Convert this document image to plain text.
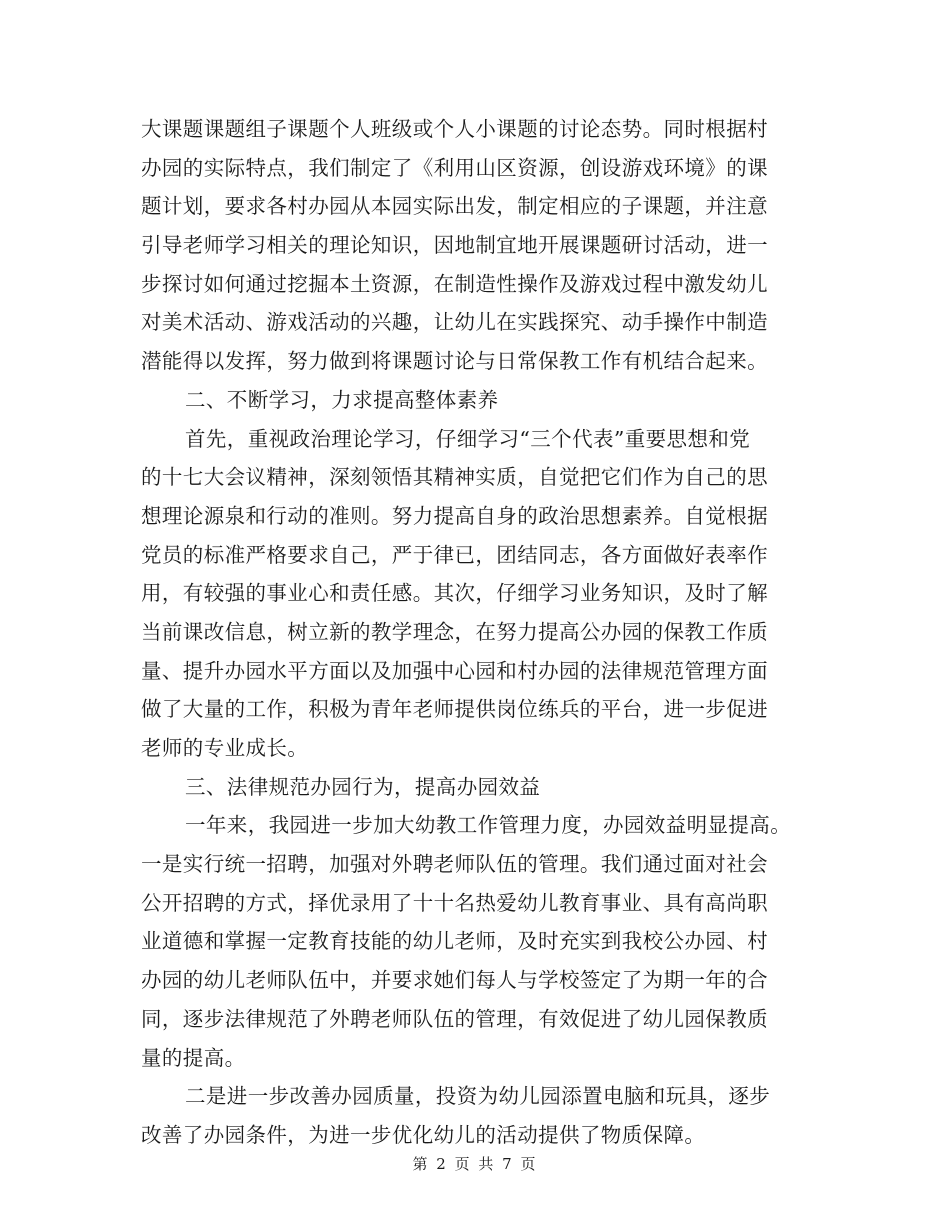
大课题课题组子课题个人班级或个人小课题的讨论态势。同时根据村
办园的实际特点，我们制定了《利用山区资源，创设游戏环境》的课
题计划，要求各村办园从本园实际出发，制定相应的子课题，并注意
引导老师学习相关的理论知识，因地制宜地开展课题研讨活动，进一
步探讨如何通过挖掘本土资源，在制造性操作及游戏过程中激发幼儿
对美术活动、游戏活动的兴趣，让幼儿在实践探究、动手操作中制造
潜能得以发挥，努力做到将课题讨论与日常保教工作有机结合起来。
二、不断学习，力求提高整体素养
首先，重视政治理论学习，仔细学习“三个代表”重要思想和党
的十七大会议精神，深刻领悟其精神实质，自觉把它们作为自己的思
想理论源泉和行动的准则。努力提高自身的政治思想素养。自觉根据
党员的标准严格要求自己，严于律已，团结同志，各方面做好表率作
用，有较强的事业心和责任感。其次，仔细学习业务知识，及时了解
当前课改信息，树立新的教学理念，在努力提高公办园的保教工作质
量、提升办园水平方面以及加强中心园和村办园的法律规范管理方面
做了大量的工作，积极为青年老师提供岗位练兵的平台，进一步促进
老师的专业成长。
三、法律规范办园行为，提高办园效益
一年来，我园进一步加大幼教工作管理力度，办园效益明显提高。
一是实行统一招聘，加强对外聘老师队伍的管理。我们通过面对社会
公开招聘的方式，择优录用了十十名热爱幼儿教育事业、具有高尚职
业道德和掌握一定教育技能的幼儿老师，及时充实到我校公办园、村
办园的幼儿老师队伍中，并要求她们每人与学校签定了为期一年的合
同，逐步法律规范了外聘老师队伍的管理，有效促进了幼儿园保教质
量的提高。
二是进一步改善办园质量，投资为幼儿园添置电脑和玩具，逐步
改善了办园条件，为进一步优化幼儿的活动提供了物质保障。
第 2 页 共 7 页
